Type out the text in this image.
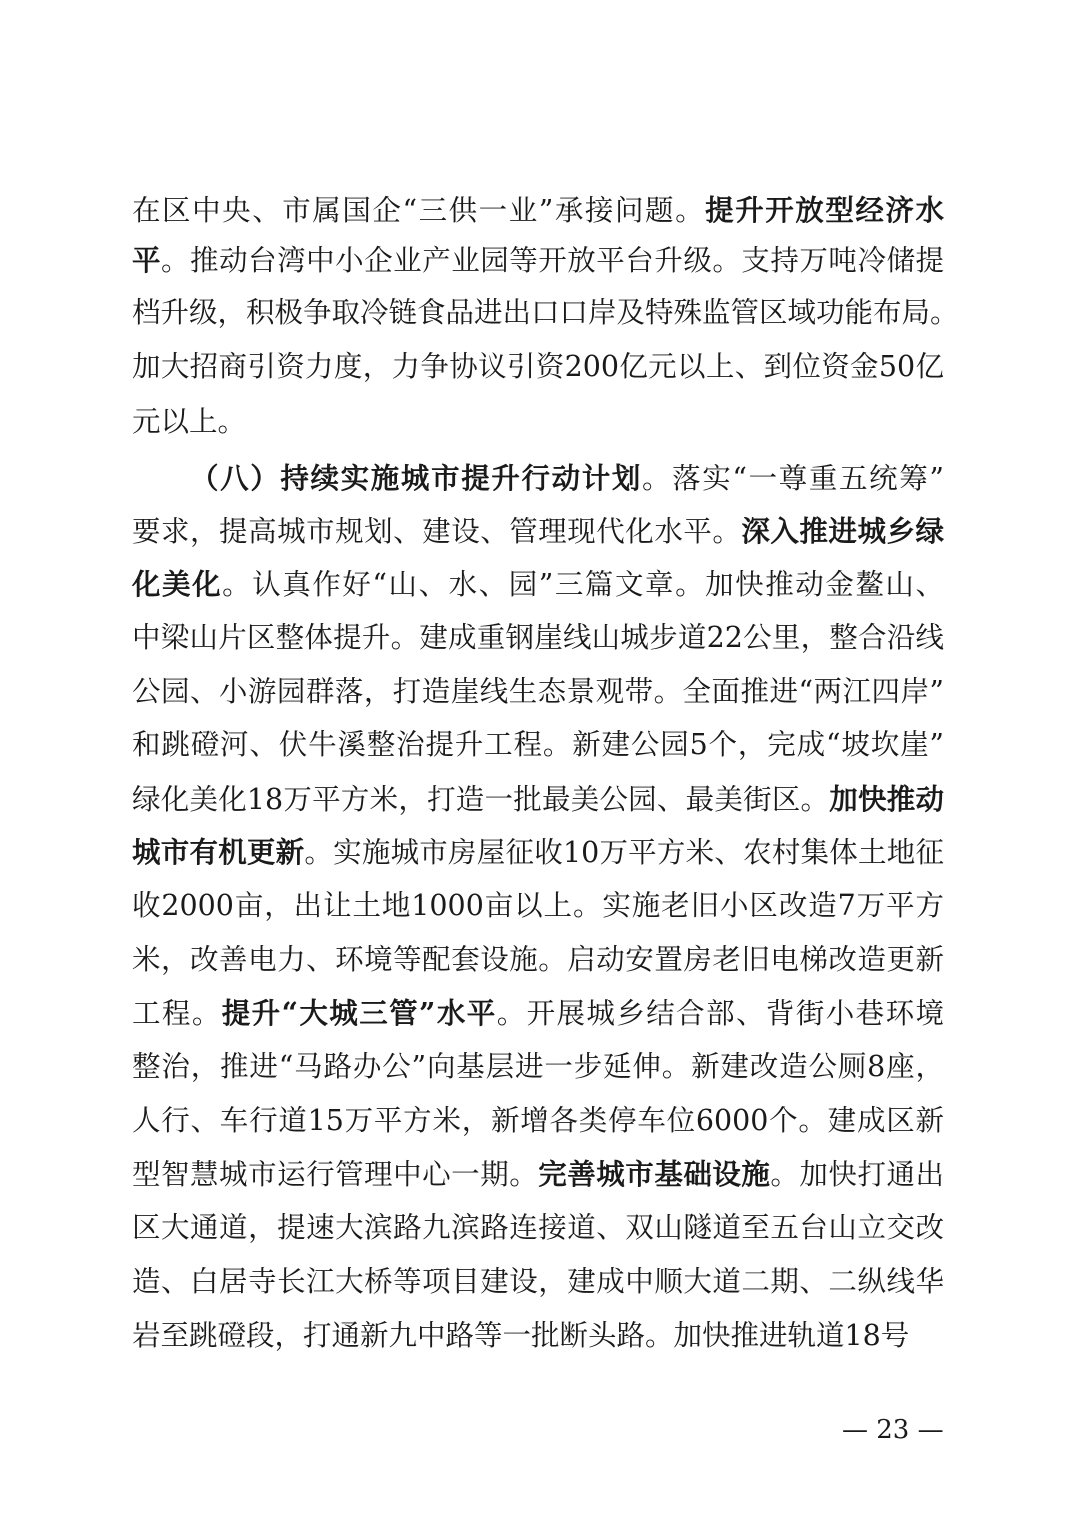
在区中央、市属国企“三供一业”承接问题。提升开放型经济水
平。推动台湾中小企业产业园等开放平台升级。支持万吨冷储提
档升级，积极争取冷链食品进出口口岸及特殊监管区域功能布局。
加大招商引资力度，力争协议引资200亿元以上、到位资金50亿
元以上。
（八）持续实施城市提升行动计划。落实“一尊重五统筹”
要求，提高城市规划、建设、管理现代化水平。深入推进城乡绿
化美化。认真作好“山、水、园”三篇文章。加快推动金鳌山、
中梁山片区整体提升。建成重钢崖线山城步道22公里，整合沿线
公园、小游园群落，打造崖线生态景观带。全面推进“两江四岸”
和跳磴河、伏牛溪整治提升工程。新建公园5个，完成“坡坎崖”
绿化美化18万平方米，打造一批最美公园、最美街区。加快推动
城市有机更新。实施城市房屋征收10万平方米、农村集体土地征
收2000亩，出让土地1000亩以上。实施老旧小区改造7万平方
米，改善电力、环境等配套设施。启动安置房老旧电梯改造更新
工程。提升“大城三管”水平。开展城乡结合部、背街小巷环境
整治，推进“马路办公”向基层进一步延伸。新建改造公厕8座，
人行、车行道15万平方米，新增各类停车位6000个。建成区新
型智慧城市运行管理中心一期。完善城市基础设施。加快打通出
区大通道，提速大滨路九滨路连接道、双山隧道至五台山立交改
造、白居寺长江大桥等项目建设，建成中顺大道二期、二纵线华
岩至跳磴段，打通新九中路等一批断头路。加快推进轨道18号
— 23 —
